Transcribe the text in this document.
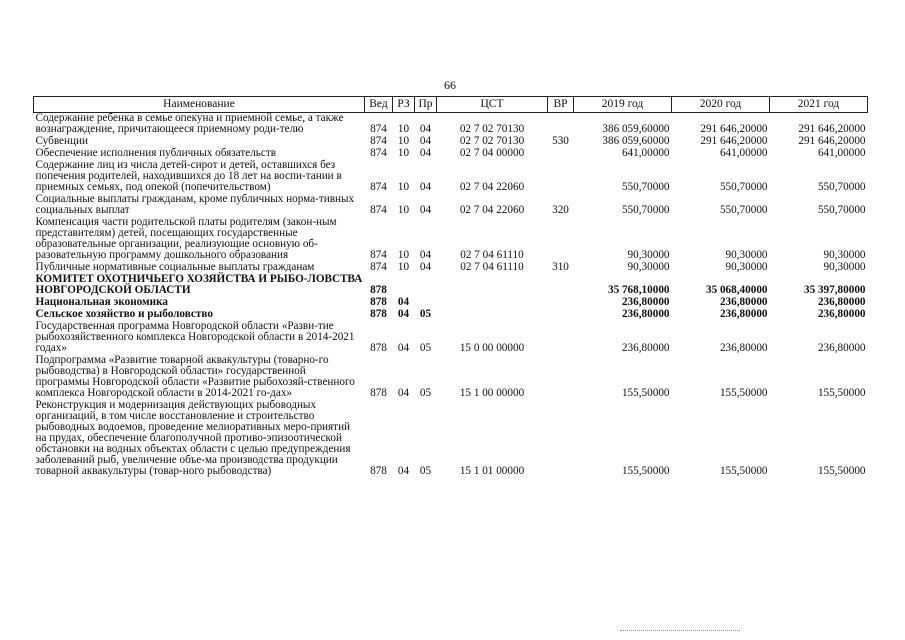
66
Наименование	Вед	РЗ	Пр	ЦСТ	ВР	2019 год	2020 год	2021 год
Содержание ребенка в семье опекуна и приемной семье, а также вознаграждение, причитающееся приемному роди-телю	874	10	04	02 7 02 70130		386 059,60000	291 646,20000	291 646,20000
Субвенции	874	10	04	02 7 02 70130	530	386 059,60000	291 646,20000	291 646,20000
Обеспечение исполнения публичных обязательств	874	10	04	02 7 04 00000		641,00000	641,00000	641,00000
Содержание лиц из числа детей-сирот и детей, оставшихся без попечения родителей, находившихся до 18 лет на воспи-тании в приемных семьях, под опекой (попечительством)	874	10	04	02 7 04 22060		550,70000	550,70000	550,70000
Социальные выплаты гражданам, кроме публичных норма-тивных социальных выплат	874	10	04	02 7 04 22060	320	550,70000	550,70000	550,70000
Компенсация части родительской платы родителям (закон-ным представителям) детей, посещающих государственные образовательные организации, реализующие основную об-разовательную программу дошкольного образования	874	10	04	02 7 04 61110		90,30000	90,30000	90,30000
Публичные нормативные социальные выплаты гражданам	874	10	04	02 7 04 61110	310	90,30000	90,30000	90,30000
КОМИТЕТ ОХОТНИЧЬЕГО ХОЗЯЙСТВА И РЫБО-ЛОВСТВА НОВГОРОДСКОЙ ОБЛАСТИ	878					35 768,10000	35 068,40000	35 397,80000
Национальная экономика	878	04				236,80000	236,80000	236,80000
Сельское хозяйство и рыболовство	878	04	05			236,80000	236,80000	236,80000
Государственная программа Новгородской области «Разви-тие рыбохозяйственного комплекса Новгородской области в 2014-2021 годах»	878	04	05	15 0 00 00000		236,80000	236,80000	236,80000
Подпрограмма «Развитие товарной аквакультуры (товарно-го рыбоводства) в Новгородской области» государственной программы Новгородской области «Развитие рыбохозяй-ственного комплекса Новгородской области в 2014-2021 го-дах»	878	04	05	15 1 00 00000		155,50000	155,50000	155,50000
Реконструкция и модернизация действующих рыбоводных организаций, в том числе восстановление и строительство рыбоводных водоемов, проведение мелиоративных меро-приятий на прудах, обеспечение благополучной противо-эпизоотической обстановки на водных объектах области с целью предупреждения заболеваний рыб, увеличение объе-ма производства продукции товарной аквакультуры (товар-ного рыбоводства)	878	04	05	15 1 01 00000		155,50000	155,50000	155,50000
